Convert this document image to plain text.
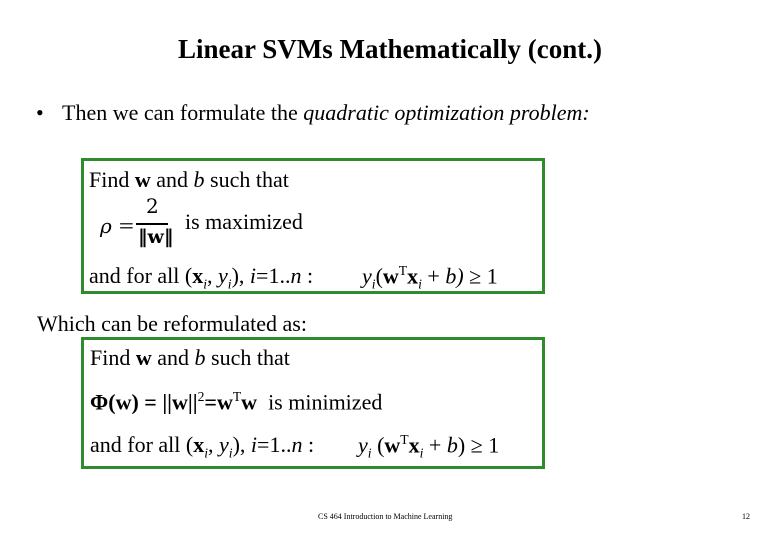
Linear SVMs Mathematically (cont.)
• Then we can formulate the quadratic optimization problem:
Find w and b such that
ρ =
2
‖w‖
is maximized
and for all ($x_i$, $y_i$), i=1..n : $y_i(w^Tx_i + b) \ge 1$
Which can be reformulated as:
Find w and b such that
$\Phi(w) = ||w||^2=w^Tw$  is minimized
and for all ($x_i$, $y_i$), i=1..n : $y_i$ $(w^Tx_i + b) \ge 1$
CS 464 Introduction to Machine Learning	12
